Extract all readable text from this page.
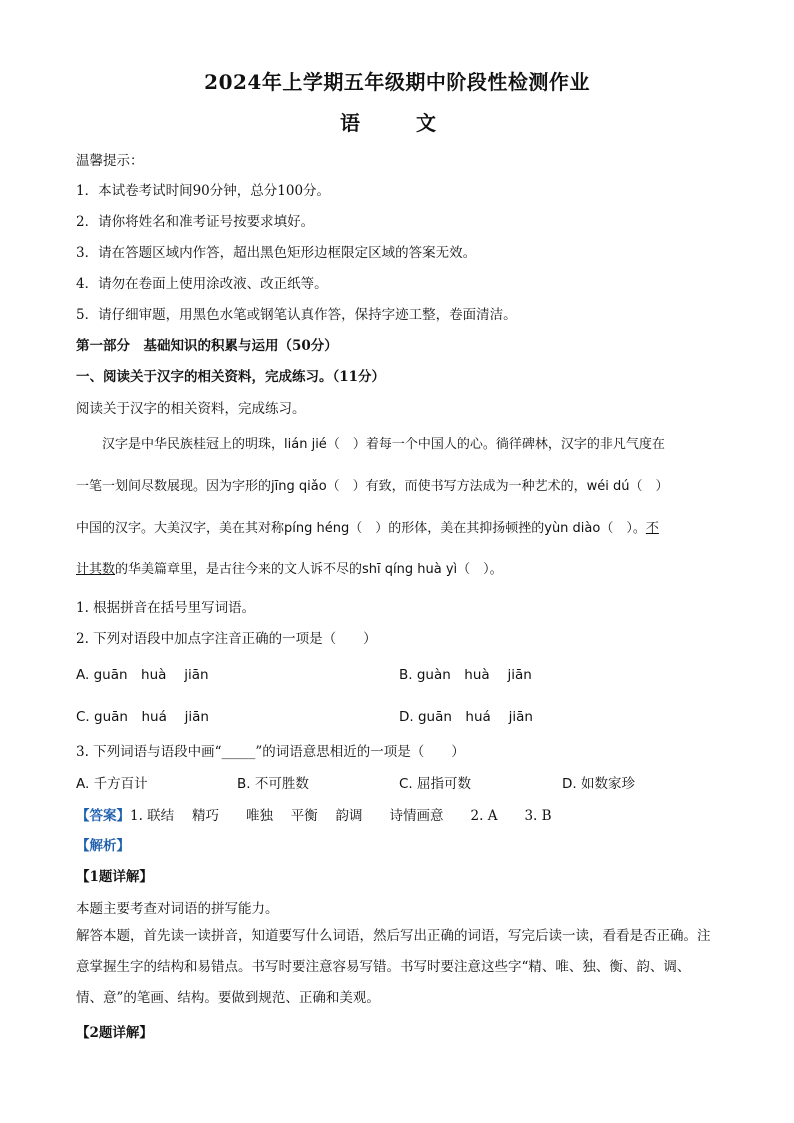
2024年上学期五年级期中阶段性检测作业
语　文
温馨提示：
1．本试卷考试时间90分钟，总分100分。
2．请你将姓名和准考证号按要求填好。
3．请在答题区域内作答，超出黑色矩形边框限定区域的答案无效。
4．请勿在卷面上使用涂改液、改正纸等。
5．请仔细审题，用黑色水笔或钢笔认真作答，保持字迹工整，卷面清洁。
第一部分　基础知识的积累与运用（50分）
一、阅读关于汉字的相关资料，完成练习。（11分）
阅读关于汉字的相关资料，完成练习。
汉字是中华民族桂冠上的明珠，lián jié（　）着每一个中国人的心。徜徉碑林，汉字的非凡气度在
一笔一划间尽数展现。因为字形的jīng qiǎo（　）有致，而使书写方法成为一种艺术的，wéi dú（　）
中国的汉字。大美汉字，美在其对称píng héng（　）的形体，美在其抑扬顿挫的yùn diào（　）。不
计其数的华美篇章里，是古往今来的文人诉不尽的shī qíng huà yì（　）。
1. 根据拼音在括号里写词语。
2. 下列对语段中加点字注音正确的一项是（　　）
A. guān　huà　 jiān	B. guàn　huà　 jiān
C. guān　huá　 jiān	D. guān　huá　 jiān
3. 下列词语与语段中画“_____”的词语意思相近的一项是（　　）
A. 千方百计	B. 不可胜数	C. 屈指可数	D. 如数家珍
【答案】1. 联结　 精巧　　唯独　 平衡　 韵调　　诗情画意　　2. A　　3. B
【解析】
【1题详解】
本题主要考查对词语的拼写能力。
解答本题，首先读一读拼音，知道要写什么词语，然后写出正确的词语，写完后读一读，看看是否正确。注意掌握生字的结构和易错点。书写时要注意容易写错。书写时要注意这些字“精、唯、独、衡、韵、调、情、意”的笔画、结构。要做到规范、正确和美观。
【2题详解】
